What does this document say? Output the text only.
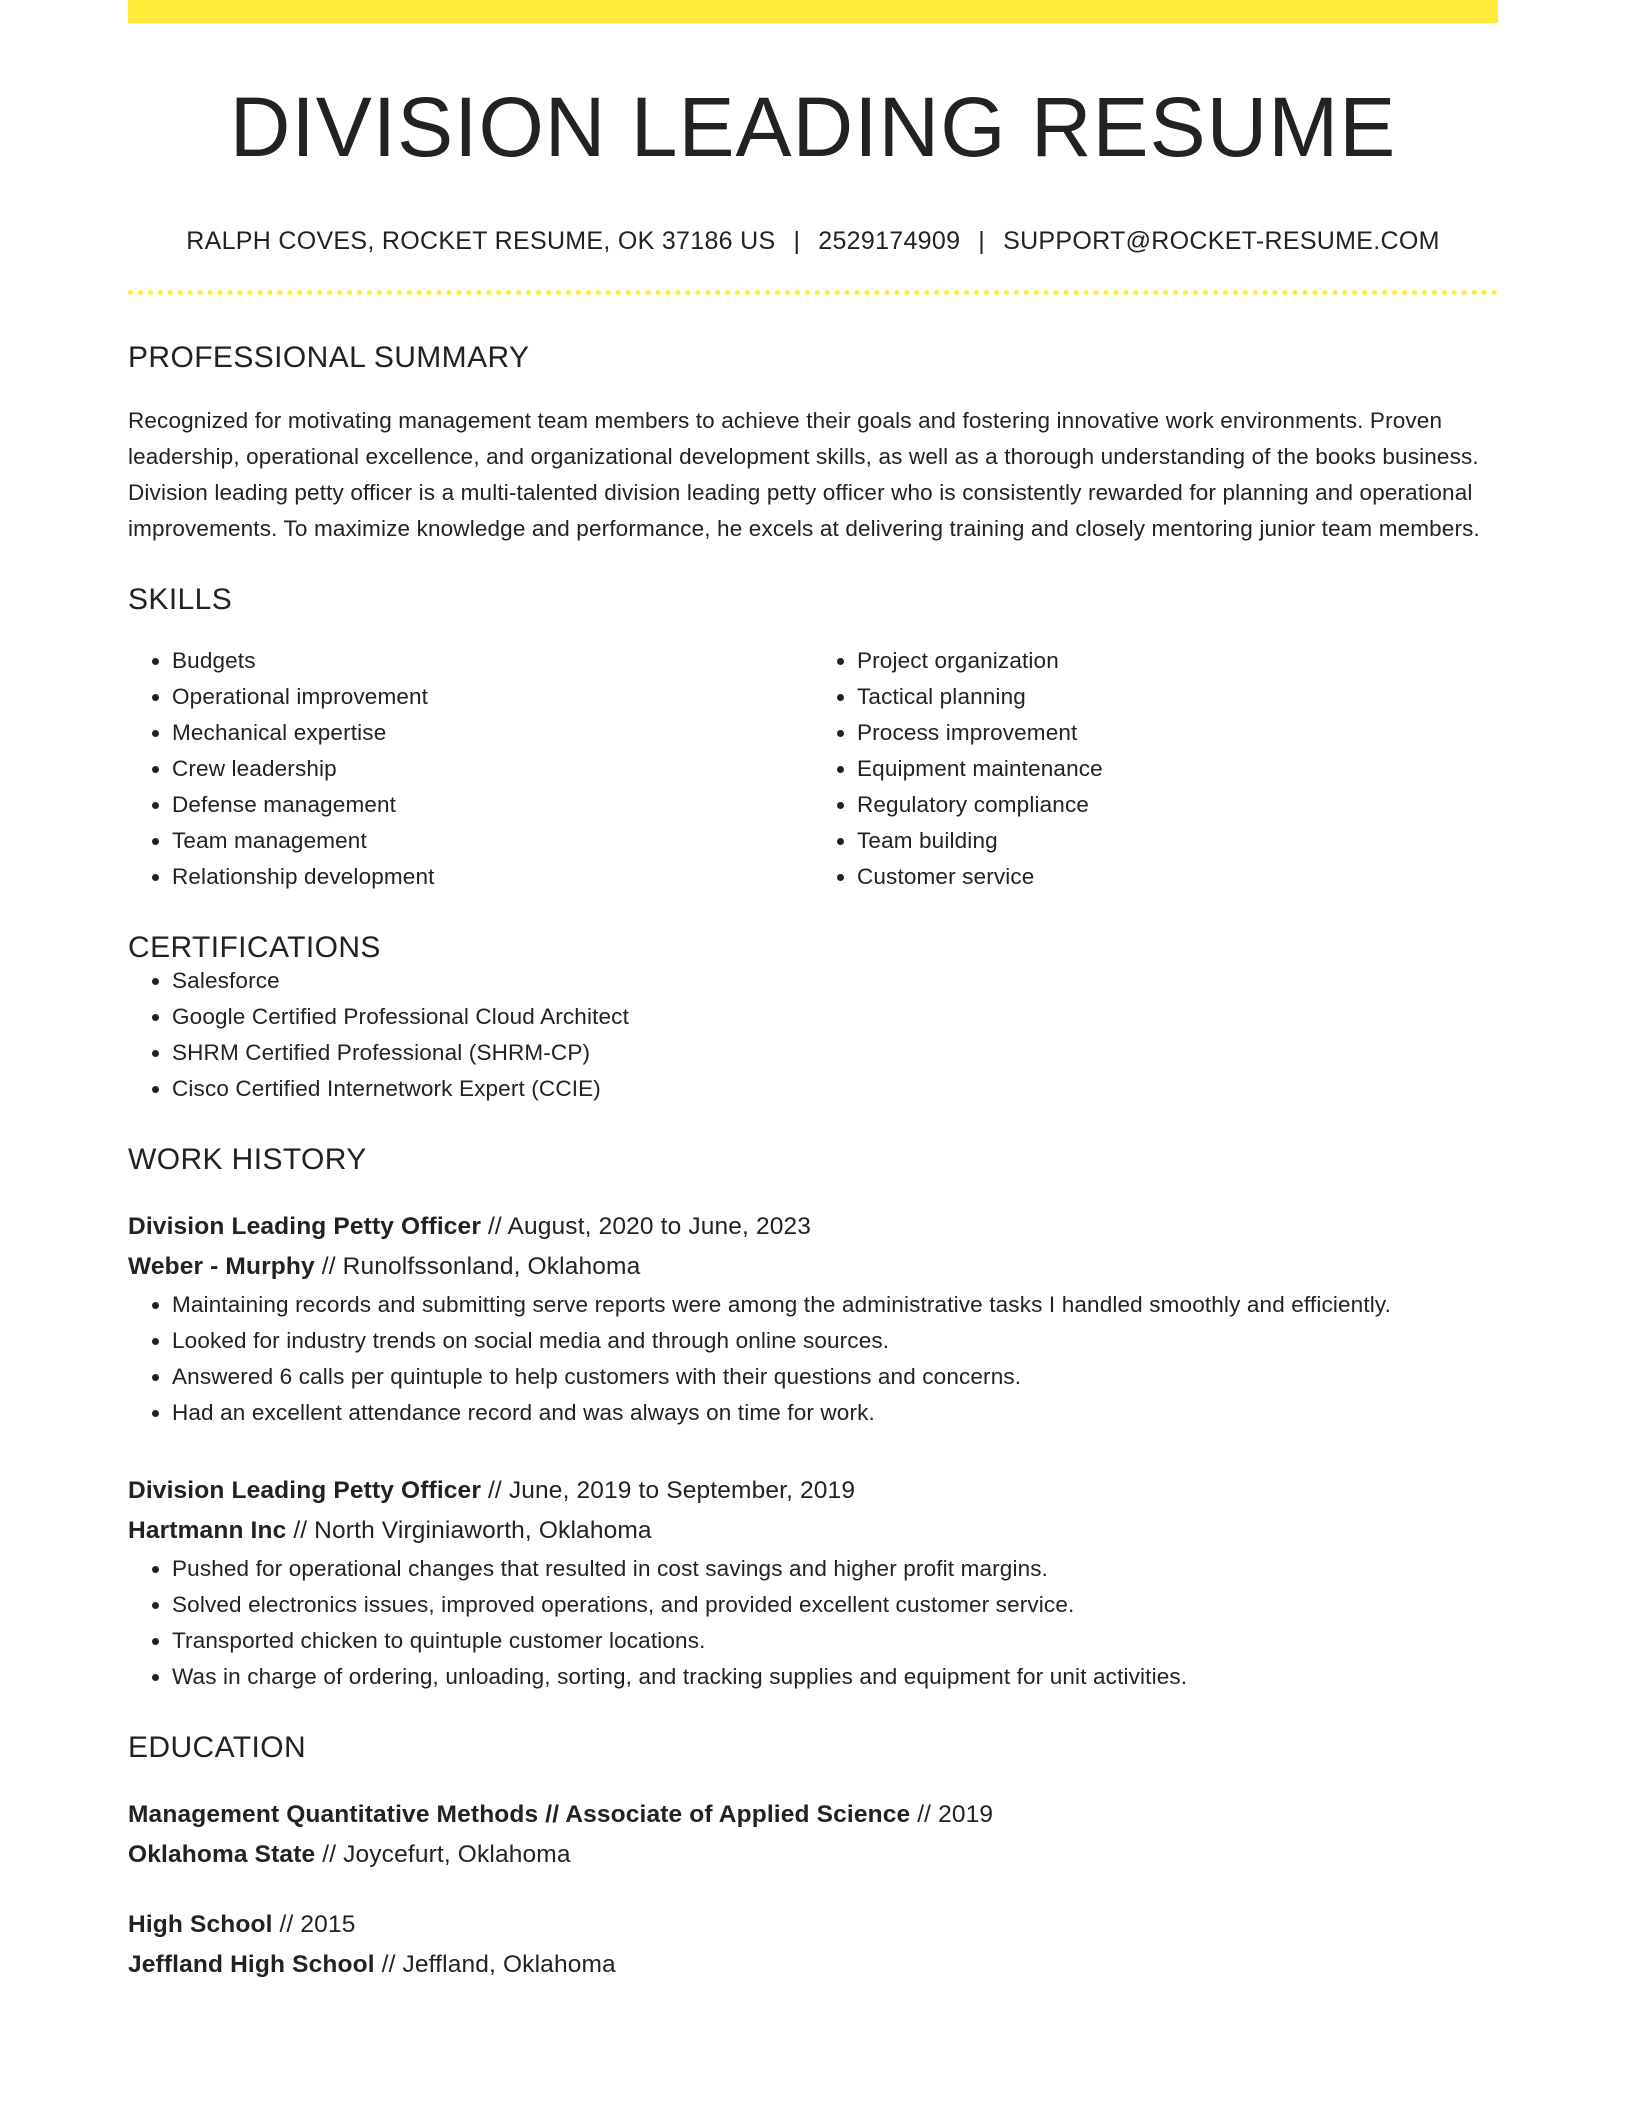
DIVISION LEADING RESUME
RALPH COVES, ROCKET RESUME, OK 37186 US | 2529174909 | SUPPORT@ROCKET-RESUME.COM
PROFESSIONAL SUMMARY

Recognized for motivating management team members to achieve their goals and fostering innovative work environments. Proven leadership, operational excellence, and organizational development skills, as well as a thorough understanding of the books business. Division leading petty officer is a multi-talented division leading petty officer who is consistently rewarded for planning and operational improvements. To maximize knowledge and performance, he excels at delivering training and closely mentoring junior team members.

SKILLS
• Budgets
• Operational improvement
• Mechanical expertise
• Crew leadership
• Defense management
• Team management
• Relationship development
• Project organization
• Tactical planning
• Process improvement
• Equipment maintenance
• Regulatory compliance
• Team building
• Customer service
CERTIFICATIONS
• Salesforce
• Google Certified Professional Cloud Architect
• SHRM Certified Professional (SHRM-CP)
• Cisco Certified Internetwork Expert (CCIE)
WORK HISTORY
Division Leading Petty Officer // August, 2020 to June, 2023
Weber - Murphy // Runolfssonland, Oklahoma
• Maintaining records and submitting serve reports were among the administrative tasks I handled smoothly and efficiently.
• Looked for industry trends on social media and through online sources.
• Answered 6 calls per quintuple to help customers with their questions and concerns.
• Had an excellent attendance record and was always on time for work.
Division Leading Petty Officer // June, 2019 to September, 2019
Hartmann Inc // North Virginiaworth, Oklahoma
• Pushed for operational changes that resulted in cost savings and higher profit margins.
• Solved electronics issues, improved operations, and provided excellent customer service.
• Transported chicken to quintuple customer locations.
• Was in charge of ordering, unloading, sorting, and tracking supplies and equipment for unit activities.
EDUCATION
Management Quantitative Methods // Associate of Applied Science // 2019
Oklahoma State // Joycefurt, Oklahoma
High School // 2015
Jeffland High School // Jeffland, Oklahoma
